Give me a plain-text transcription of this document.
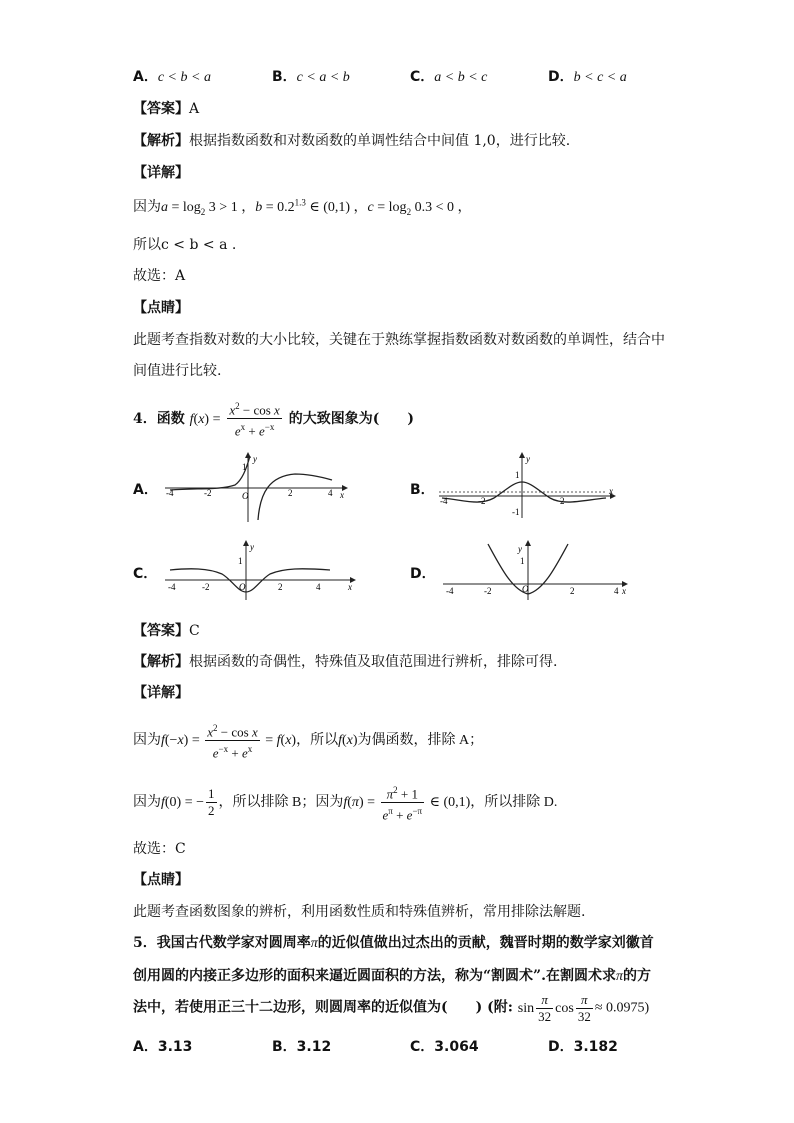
A．c < b < a	B．c < a < b	C．a < b < c	D．b < c < a
【答案】A
【解析】根据指数函数和对数函数的单调性结合中间值 1,0，进行比较.
【详解】
因为$a = \log_2 3 > 1$ ，$b = 0.2^{1.3}$ ∈ (0,1) ，$c = \log_2 0.3 < 0$ ，
所以c < b < a .
故选：A
【点睛】
此题考查指数对数的大小比较，关键在于熟练掌握指数函数对数函数的单调性，结合中
间值进行比较.
4．函数 $f(x) = \frac{x^2 - \cos x}{e^x + e^{-x}}$ 的大致图象为(　　)
A．
y
1
O
-2
-4	2	4 x	B．
y
1
-1
-2
-4	2
x
C．
y
1
O
-2
-4	2	4	x
D．
y
1
O
-2
-4	2	4 x
【答案】C
【解析】根据函数的奇偶性，特殊值及取值范围进行辨析，排除可得.
【详解】
因为$f(-x) = \frac{x^2 - \cos x}{e^{-x} + e^x} = f(x)$，所以f(x)为偶函数，排除 A；
因为f(0) = − $\frac{1}{2}$ ，所以排除 B；因为$f(\pi) = \frac{\pi^2 + 1}{e^\pi + e^{-\pi}}$ ∈ (0,1)，所以排除 D.
故选：C
【点睛】
此题考查函数图象的辨析，利用函数性质和特殊值辨析，常用排除法解题.
5．我国古代数学家对圆周率π的近似值做出过杰出的贡献，魏晋时期的数学家刘徽首
创用圆的内接正多边形的面积来逼近圆面积的方法，称为“割圆术”.在割圆术求π的方
法中，若使用正三十二边形，则圆周率的近似值为(　　) (附: $\sin \frac{\pi}{32}$ $\cos \frac{\pi}{32} \approx 0.0975$)
A．3.13	B．3.12	C．3.064	D．3.182
